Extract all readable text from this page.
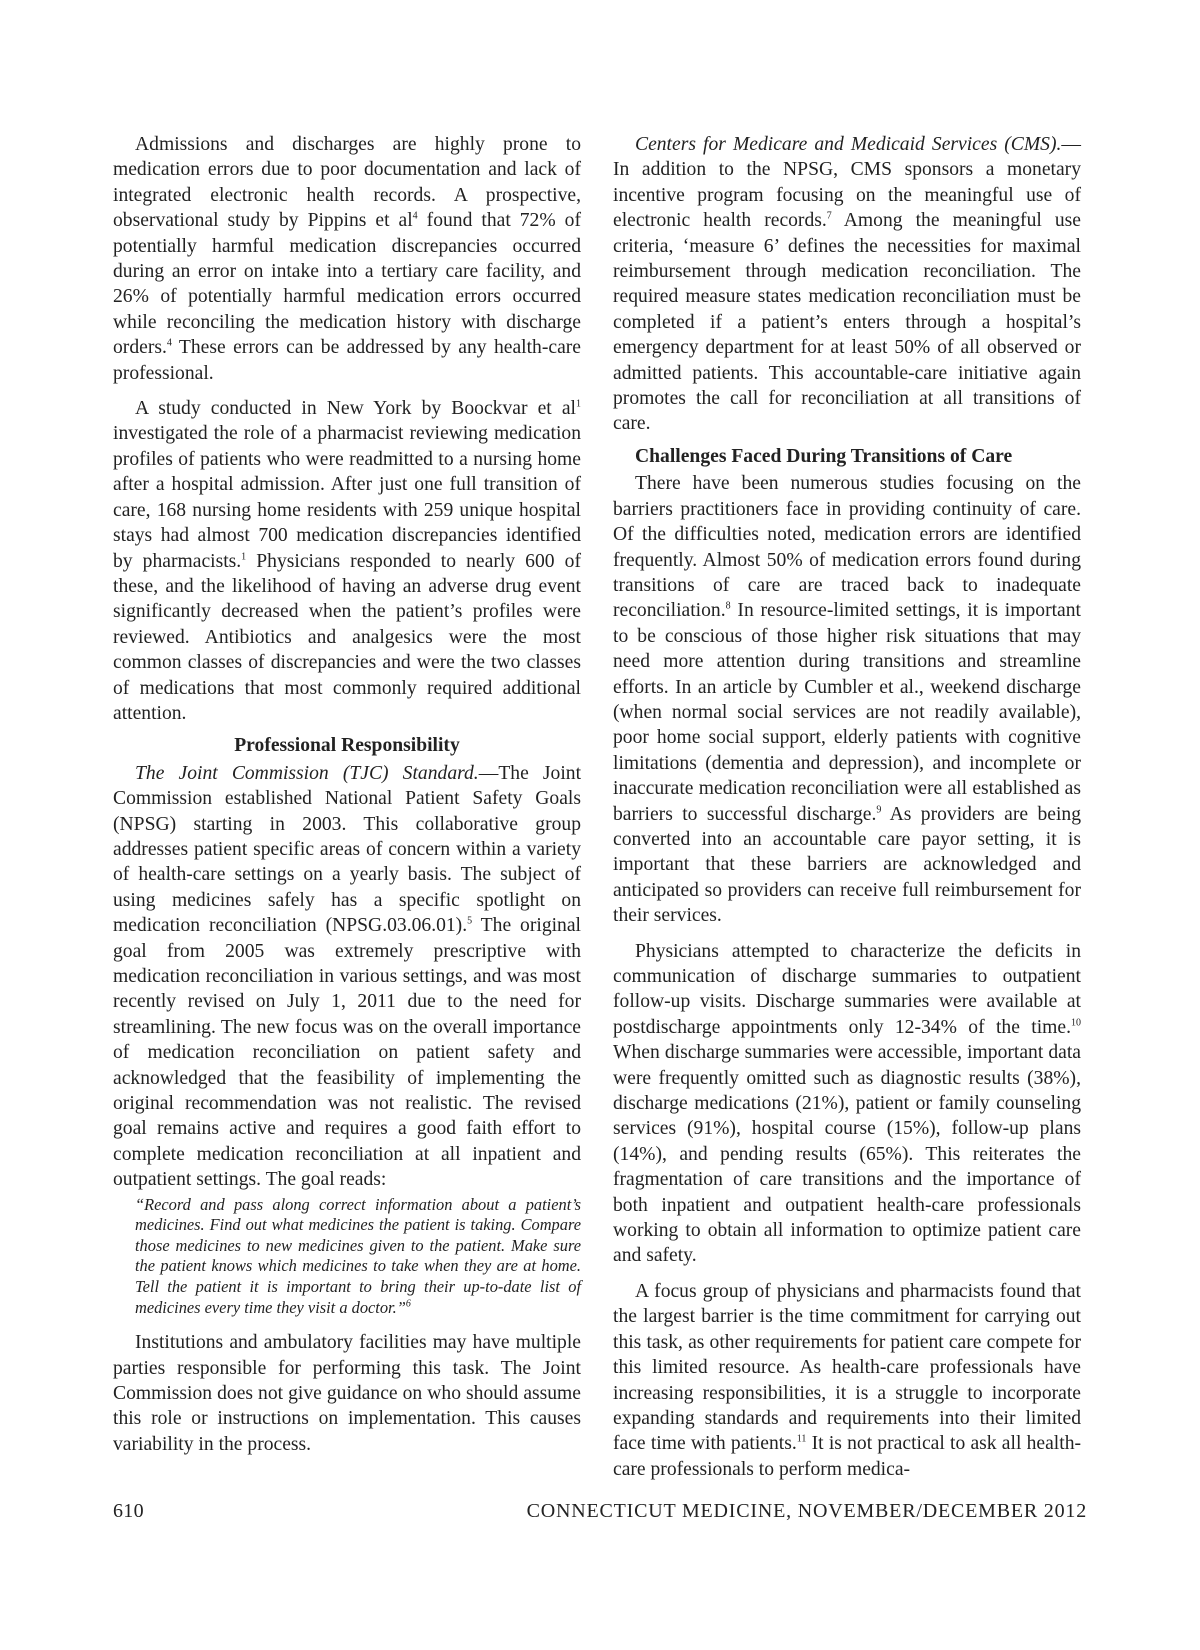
Admissions and discharges are highly prone to medication errors due to poor documentation and lack of integrated electronic health records. A prospective, observational study by Pippins et $al^4$ found that 72% of potentially harmful medication discrepancies occurred during an error on intake into a tertiary care facility, and 26% of potentially harmful medication errors occurred while reconciling the medication history with discharge orders.$^4$ These errors can be addressed by any health-care professional.

A study conducted in New York by Boockvar et $al^1$ investigated the role of a pharmacist reviewing medication profiles of patients who were readmitted to a nursing home after a hospital admission. After just one full transition of care, 168 nursing home residents with 259 unique hospital stays had almost 700 medication discrepancies identified by pharmacists.$^1$ Physicians responded to nearly 600 of these, and the likelihood of having an adverse drug event significantly decreased when the patient’s profiles were reviewed. Antibiotics and analgesics were the most common classes of discrepancies and were the two classes of medications that most commonly required additional attention.

Professional Responsibility

The Joint Commission (TJC) Standard.—The Joint Commission established National Patient Safety Goals (NPSG) starting in 2003. This collaborative group addresses patient specific areas of concern within a variety of health-care settings on a yearly basis. The subject of using medicines safely has a specific spotlight on medication reconciliation (NPSG.03.06.01).$^5$ The original goal from 2005 was extremely prescriptive with medication reconciliation in various settings, and was most recently revised on July 1, 2011 due to the need for streamlining. The new focus was on the overall importance of medication reconciliation on patient safety and acknowledged that the feasibility of implementing the original recommendation was not realistic. The revised goal remains active and requires a good faith effort to complete medication reconciliation at all inpatient and outpatient settings. The goal reads:

“Record and pass along correct information about a patient’s medicines. Find out what medicines the patient is taking. Compare those medicines to new medicines given to the patient. Make sure the patient knows which medicines to take when they are at home. Tell the patient it is important to bring their up-to-date list of medicines every time they visit a doctor.”$^6$

Institutions and ambulatory facilities may have multiple parties responsible for performing this task. The Joint Commission does not give guidance on who should assume this role or instructions on implementation. This causes variability in the process.

Centers for Medicare and Medicaid Services (CMS).—In addition to the NPSG, CMS sponsors a monetary incentive program focusing on the meaningful use of electronic health records.$^7$ Among the meaningful use criteria, ‘measure 6’ defines the necessities for maximal reimbursement through medication reconciliation. The required measure states medication reconciliation must be completed if a patient’s enters through a hospital’s emergency department for at least 50% of all observed or admitted patients. This accountable-care initiative again promotes the call for reconciliation at all transitions of care.

Challenges Faced During Transitions of Care

There have been numerous studies focusing on the barriers practitioners face in providing continuity of care. Of the difficulties noted, medication errors are identified frequently. Almost 50% of medication errors found during transitions of care are traced back to inadequate reconciliation.$^8$ In resource-limited settings, it is important to be conscious of those higher risk situations that may need more attention during transitions and streamline efforts. In an article by Cumbler et al., weekend discharge (when normal social services are not readily available), poor home social support, elderly patients with cognitive limitations (dementia and depression), and incomplete or inaccurate medication reconciliation were all established as barriers to successful discharge.$^9$ As providers are being converted into an accountable care payor setting, it is important that these barriers are acknowledged and anticipated so providers can receive full reimbursement for their services.

Physicians attempted to characterize the deficits in communication of discharge summaries to outpatient follow-up visits. Discharge summaries were available at postdischarge appointments only 12-34% of the time.$^{10}$ When discharge summaries were accessible, important data were frequently omitted such as diagnostic results (38%), discharge medications (21%), patient or family counseling services (91%), hospital course (15%), follow-up plans (14%), and pending results (65%). This reiterates the fragmentation of care transitions and the importance of both inpatient and outpatient health-care professionals working to obtain all information to optimize patient care and safety.

A focus group of physicians and pharmacists found that the largest barrier is the time commitment for carrying out this task, as other requirements for patient care compete for this limited resource. As health-care professionals have increasing responsibilities, it is a struggle to incorporate expanding standards and requirements into their limited face time with patients.$^{11}$ It is not practical to ask all health-care professionals to perform medica-

610	CONNECTICUT MEDICINE, NOVEMBER/DECEMBER 2012
